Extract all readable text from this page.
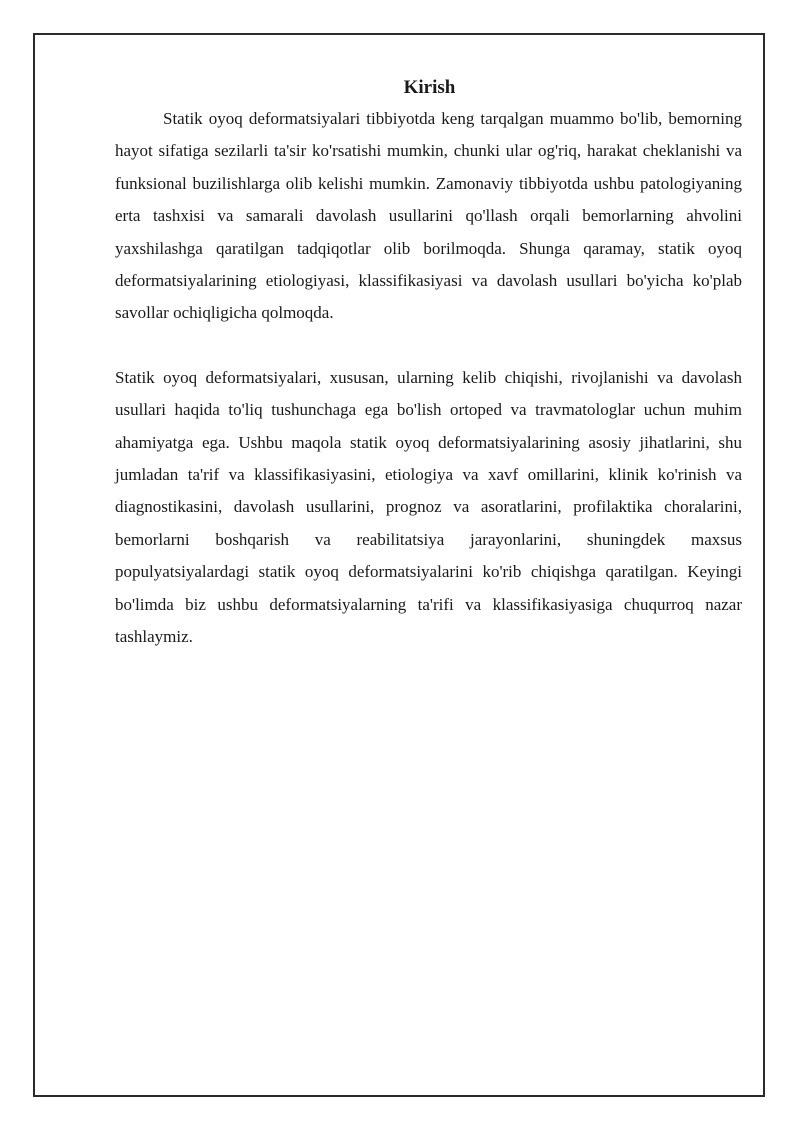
Kirish

Statik oyoq deformatsiyalari tibbiyotda keng tarqalgan muammo bo'lib, bemorning hayot sifatiga sezilarli ta'sir ko'rsatishi mumkin, chunki ular og'riq, harakat cheklanishi va funksional buzilishlarga olib kelishi mumkin. Zamonaviy tibbiyotda ushbu patologiyaning erta tashxisi va samarali davolash usullarini qo'llash orqali bemorlarning ahvolini yaxshilashga qaratilgan tadqiqotlar olib borilmoqda. Shunga qaramay, statik oyoq deformatsiyalarining etiologiyasi, klassifikasiyasi va davolash usullari bo'yicha ko'plab savollar ochiqligicha qolmoqda.

Statik oyoq deformatsiyalari, xususan, ularning kelib chiqishi, rivojlanishi va davolash usullari haqida to'liq tushunchaga ega bo'lish ortoped va travmatologlar uchun muhim ahamiyatga ega. Ushbu maqola statik oyoq deformatsiyalarining asosiy jihatlarini, shu jumladan ta'rif va klassifikasiyasini, etiologiya va xavf omillarini, klinik ko'rinish va diagnostikasini, davolash usullarini, prognoz va asoratlarini, profilaktika choralarini, bemorlarni boshqarish va reabilitatsiya jarayonlarini, shuningdek maxsus populyatsiyalardagi statik oyoq deformatsiyalarini ko'rib chiqishga qaratilgan. Keyingi bo'limda biz ushbu deformatsiyalarning ta'rifi va klassifikasiyasiga chuqurroq nazar tashlaymiz.
